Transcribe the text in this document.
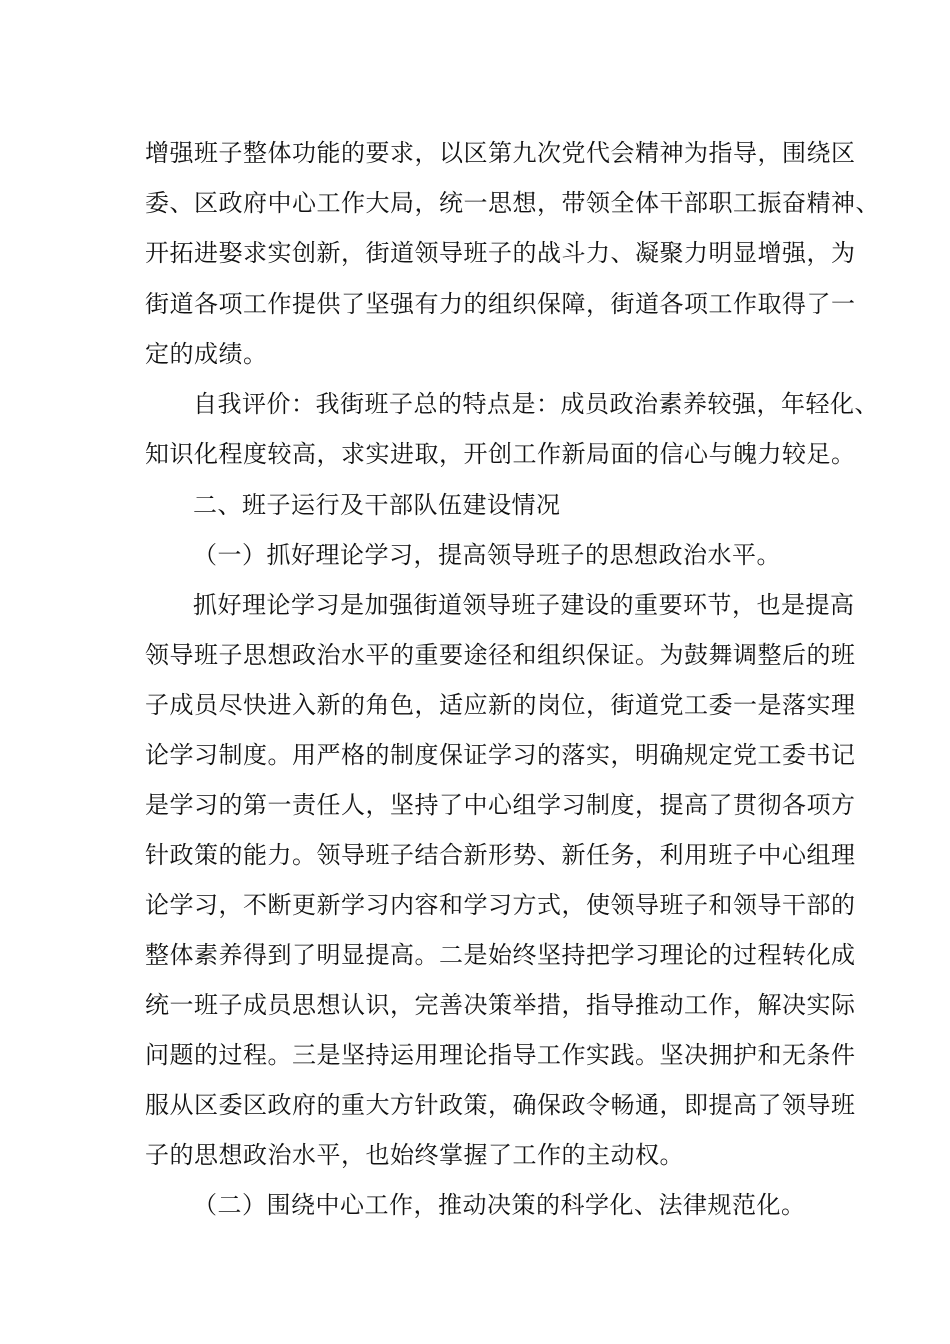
增强班子整体功能的要求，以区第九次党代会精神为指导，围绕区
委、区政府中心工作大局，统一思想，带领全体干部职工振奋精神、
开拓进娶求实创新，街道领导班子的战斗力、凝聚力明显增强，为
街道各项工作提供了坚强有力的组织保障，街道各项工作取得了一
定的成绩。
自我评价：我街班子总的特点是：成员政治素养较强，年轻化、
知识化程度较高，求实进取，开创工作新局面的信心与魄力较足。
二、班子运行及干部队伍建设情况
（一）抓好理论学习，提高领导班子的思想政治水平。
抓好理论学习是加强街道领导班子建设的重要环节，也是提高
领导班子思想政治水平的重要途径和组织保证。为鼓舞调整后的班
子成员尽快进入新的角色，适应新的岗位，街道党工委一是落实理
论学习制度。用严格的制度保证学习的落实，明确规定党工委书记
是学习的第一责任人，坚持了中心组学习制度，提高了贯彻各项方
针政策的能力。领导班子结合新形势、新任务，利用班子中心组理
论学习，不断更新学习内容和学习方式，使领导班子和领导干部的
整体素养得到了明显提高。二是始终坚持把学习理论的过程转化成
统一班子成员思想认识，完善决策举措，指导推动工作，解决实际
问题的过程。三是坚持运用理论指导工作实践。坚决拥护和无条件
服从区委区政府的重大方针政策，确保政令畅通，即提高了领导班
子的思想政治水平，也始终掌握了工作的主动权。
（二）围绕中心工作，推动决策的科学化、法律规范化。
